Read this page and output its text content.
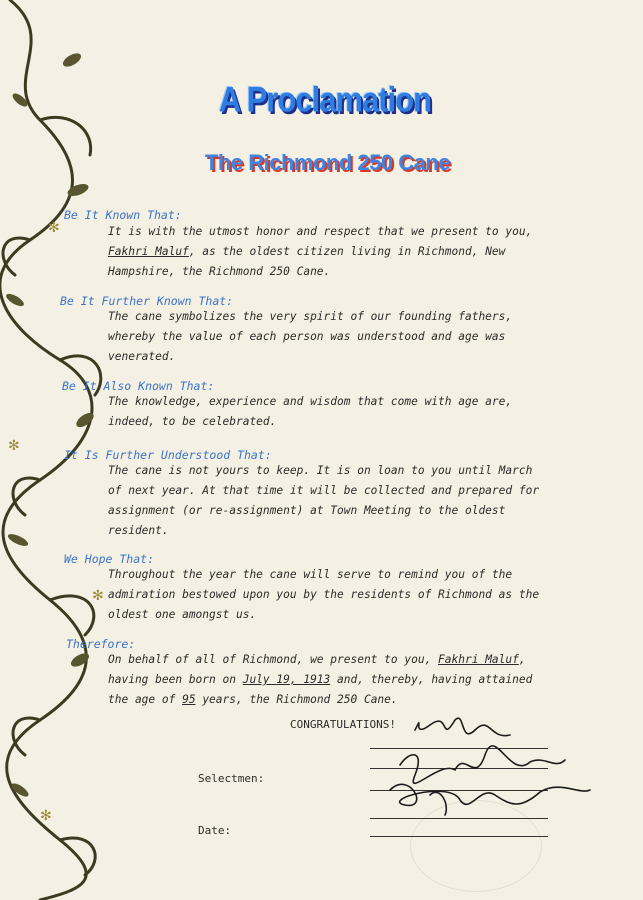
✻
✻
✻
✻
A Proclamation
The Richmond 250 Cane
Be It Known That:
It is with the utmost honor and respect that we present to you,
Fakhri Maluf, as the oldest citizen living in Richmond, New
Hampshire, the Richmond 250 Cane.
Be It Further Known That:
The cane symbolizes the very spirit of our founding fathers,
whereby the value of each person was understood and age was
venerated.
Be It Also Known That:
The knowledge, experience and wisdom that come with age are,
indeed, to be celebrated.
It Is Further Understood That:
The cane is not yours to keep. It is on loan to you until March
of next year. At that time it will be collected and prepared for
assignment (or re-assignment) at Town Meeting to the oldest
resident.
We Hope That:
Throughout the year the cane will serve to remind you of the
admiration bestowed upon you by the residents of Richmond as the
oldest one amongst us.
Therefore:
On behalf of all of Richmond, we present to you, Fakhri Maluf,
having been born on July 19, 1913 and, thereby, having attained
the age of 95 years, the Richmond 250 Cane.
CONGRATULATIONS!
Selectmen:
Date:
